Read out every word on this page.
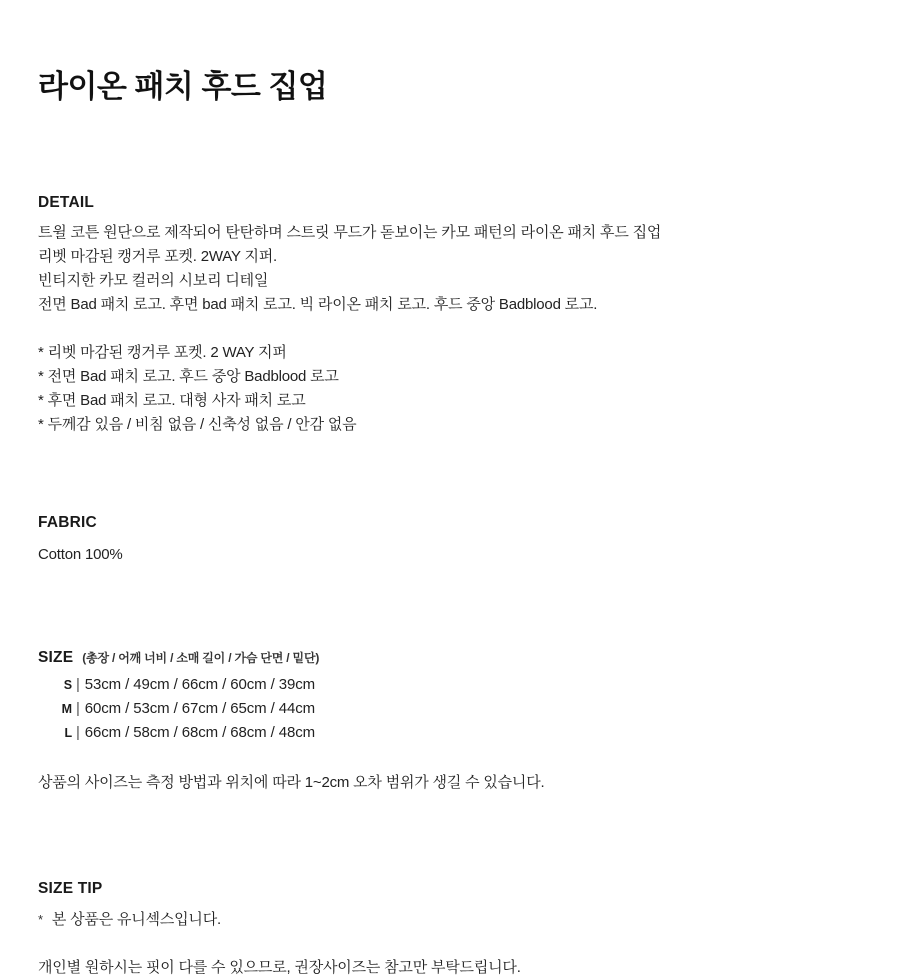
라이온 패치 후드 집업
DETAIL
트윌 코튼 원단으로 제작되어 탄탄하며 스트릿 무드가 돋보이는 카모 패턴의 라이온 패치 후드 집업
리벳 마감된 캥거루 포켓. 2WAY 지퍼.
빈티지한 카모 컬러의 시보리 디테일
전면 Bad 패치 로고. 후면 bad 패치 로고. 빅 라이온 패치 로고. 후드 중앙 Badblood 로고.
* 리벳 마감된 캥거루 포켓. 2 WAY 지퍼
* 전면 Bad 패치 로고. 후드 중앙 Badblood 로고
* 후면 Bad 패치 로고. 대형 사자 패치 로고
* 두께감 있음 / 비침 없음 / 신축성 없음 / 안감 없음
FABRIC
Cotton 100%
SIZE (총장 / 어깨 너비 / 소매 길이 / 가슴 단면 / 밑단)
S | 53cm / 49cm / 66cm / 60cm / 39cm
M | 60cm / 53cm / 67cm / 65cm / 44cm
L | 66cm / 58cm / 68cm / 68cm / 48cm
상품의 사이즈는 측정 방법과 위치에 따라 1~2cm 오차 범위가 생길 수 있습니다.
SIZE TIP
* 본 상품은 유니섹스입니다.
개인별 원하시는 핏이 다를 수 있으므로, 권장사이즈는 참고만 부탁드립니다.
